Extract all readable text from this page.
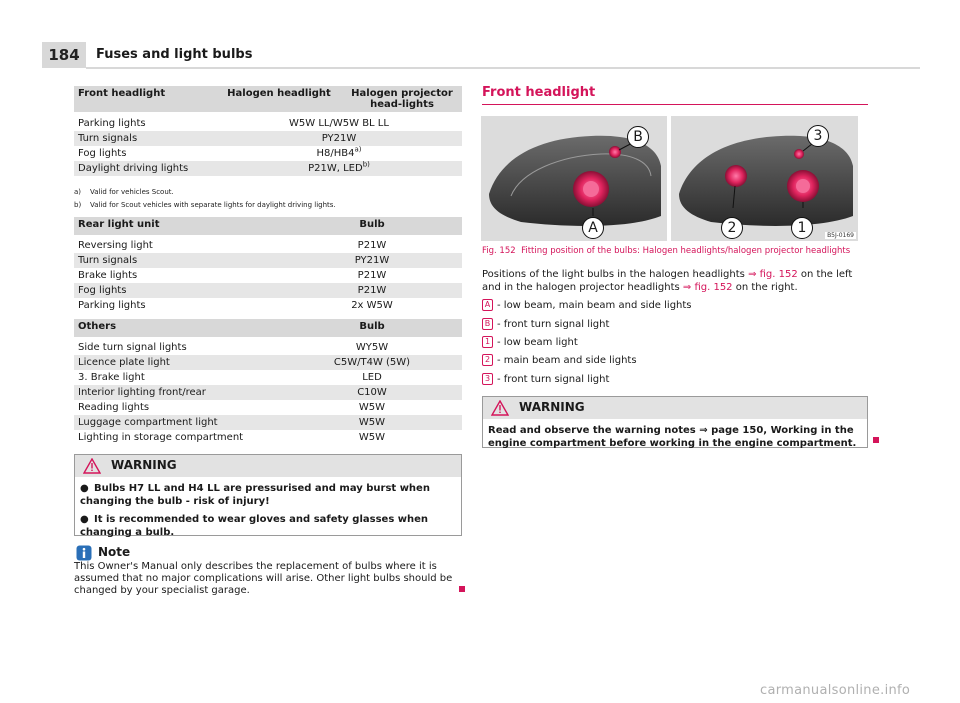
184	Fuses and light bulbs
Front headlight	Halogen headlight	Halogen projector head-lights

Parking lights	W5W LL/W5W BL LL	
Turn signals	PY21W	
Fog lights	H8/HB4$^{a)}$
Daylight driving lights	P21W, LED$^{b)}$
a) Valid for vehicles Scout.
b) Valid for Scout vehicles with separate lights for daylight driving lights.
Rear light unit	Bulb

Reversing light	P21W
Turn signals	PY21W
Brake lights	P21W
Fog lights	P21W
Parking lights	2x W5W
Others	Bulb

Side turn signal lights	WY5W
Licence plate light	C5W/T4W (5W)
3. Brake light	LED
Interior lighting front/rear	C10W
Reading lights	W5W
Luggage compartment light	W5W
Lighting in storage compartment	W5W
WARNING

● Bulbs H7 LL and H4 LL are pressurised and may burst when changing the bulb - risk of injury!

● It is recommended to wear gloves and safety glasses when changing a bulb.

Note
This Owner's Manual only describes the replacement of bulbs where it is assumed that no major complications will arise. Other light bulbs should be changed by your specialist garage.
Front headlight
B
A
3
2	1	B5J-0169
Fig. 152 Fitting position of the bulbs: Halogen headlights/halogen projector headlights
Positions of the light bulbs in the halogen headlights ⇒ fig. 152 on the left and in the halogen projector headlights ⇒ fig. 152 on the right.
A - low beam, main beam and side lights
B - front turn signal light
1 - low beam light
2 - main beam and side lights
3 - front turn signal light
WARNING
Read and observe the warning notes ⇒ page 150, Working in the engine compartment before working in the engine compartment.
carmanualsonline.info
